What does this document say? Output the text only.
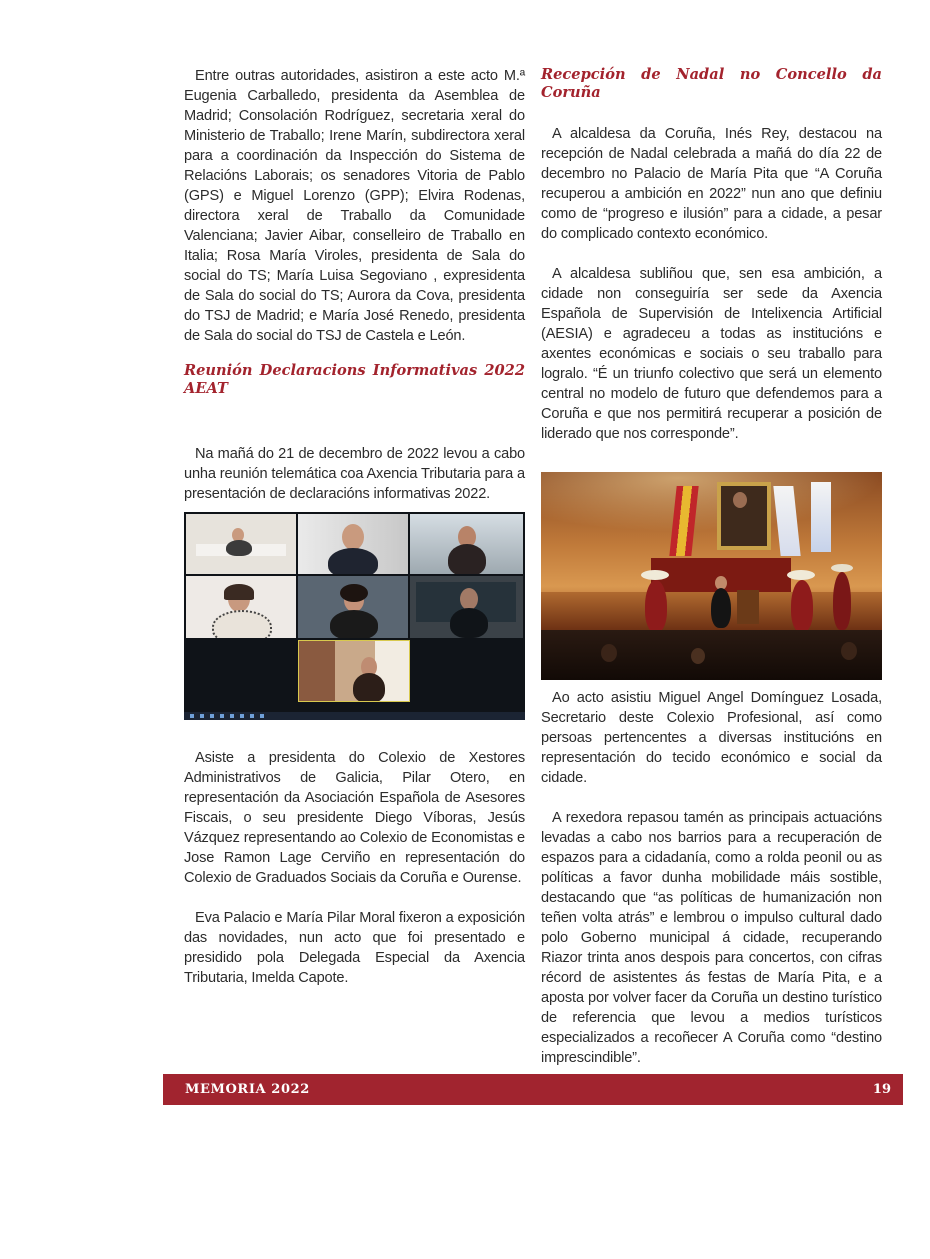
Entre outras autoridades, asistiron a este acto M.ª Eugenia Carballedo, presidenta da Asemblea de Madrid; Consolación Rodríguez, secretaria xeral do Ministerio de Traballo; Irene Marín, subdirectora xeral para a coordinación da Inspección do Sistema de Relacións Laborais; os senadores Vitoria de Pablo (GPS) e Miguel Lorenzo (GPP); Elvira Rodenas, directora xeral de Traballo da Comunidade Valenciana; Javier Aibar, conselleiro de Traballo en Italia; Rosa María Viroles, presidenta de Sala do social do TS; María Luisa Segoviano , expresidenta de Sala do social do TS; Aurora da Cova, presidenta do TSJ de Madrid; e María José Renedo, presidenta de Sala do social do TSJ de Castela e León.

Reunión Declaracions Informativas 2022 AEAT

Na mañá do 21 de decembro de 2022 levou a cabo unha reunión telemática coa Axencia Tributaria para a presentación de declaracións informativas 2022.

Asiste a presidenta do Colexio de Xestores Administrativos de Galicia, Pilar Otero, en representación da Asociación Española de Asesores Fiscais, o seu presidente Diego Víboras, Jesús Vázquez representando ao Colexio de Economistas e Jose Ramon Lage Cerviño en representación do Colexio de Graduados Sociais da Coruña e Ourense.

Eva Palacio e María Pilar Moral fixeron a exposición das novidades, nun acto que foi presentado e presidido pola Delegada Especial da Axencia Tributaria, Imelda Capote.

Recepción de Nadal no Concello da Coruña

A alcaldesa da Coruña, Inés Rey, destacou na recepción de Nadal celebrada a mañá do día 22 de decembro no Palacio de María Pita que “A Coruña recuperou a ambición en 2022” nun ano que definiu como de “progreso e ilusión” para a cidade, a pesar do complicado contexto económico.

A alcaldesa subliñou que, sen esa ambición, a cidade non conseguiría ser sede da Axencia Española de Supervisión de Intelixencia Artificial (AESIA) e agradeceu a todas as institucións e axentes económicas e sociais o seu traballo para logralo. “É un triunfo colectivo que será un elemento central no modelo de futuro que defendemos para a Coruña e que nos permitirá recuperar a posición de liderado que nos corresponde”.

Ao acto asistiu Miguel Angel Domínguez Losada, Secretario deste Colexio Profesional, así como persoas pertencentes a diversas institucións en representación do tecido económico e social da cidade.

A rexedora repasou tamén as principais actuacións levadas a cabo nos barrios para a recuperación de espazos para a cidadanía, como a rolda peonil ou as políticas a favor dunha mobilidade máis sostible, destacando que “as políticas de humanización non teñen volta atrás” e lembrou o impulso cultural dado polo Goberno municipal á cidade, recuperando Riazor trinta anos despois para concertos, con cifras récord de asistentes ás festas de María Pita, e a aposta por volver facer da Coruña un destino turístico de referencia que levou a medios turísticos especializados a recoñecer A Coruña como “destino imprescindible”.

MEMORIA 2022	19
